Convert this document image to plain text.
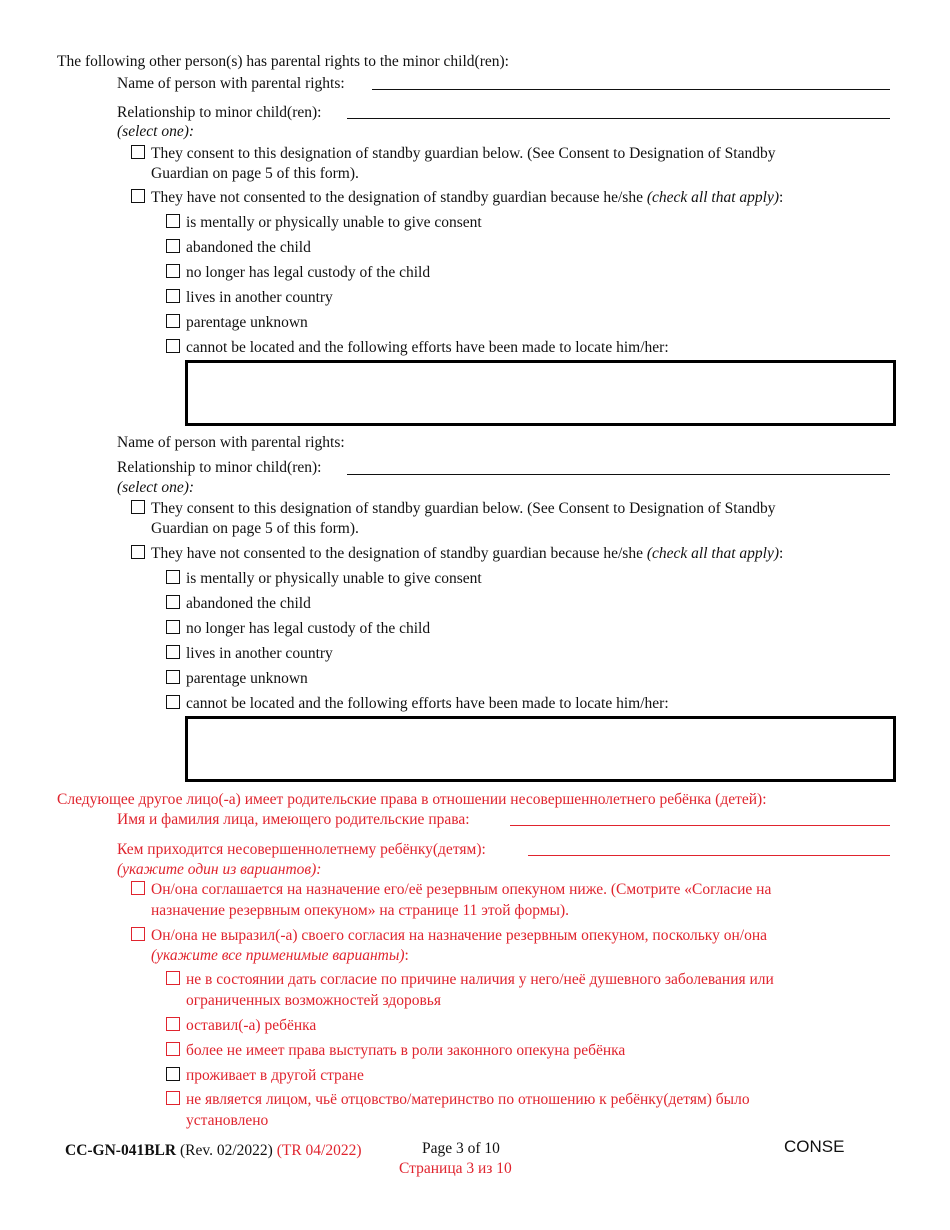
The following other person(s) has parental rights to the minor child(ren):
Name of person with parental rights:
Relationship to minor child(ren):
(select one):
They consent to this designation of standby guardian below. (See Consent to Designation of Standby
Guardian on page 5 of this form).
They have not consented to the designation of standby guardian because he/she (check all that apply):
is mentally or physically unable to give consent
abandoned the child
no longer has legal custody of the child
lives in another country
parentage unknown
cannot be located and the following efforts have been made to locate him/her:
Name of person with parental rights:
Relationship to minor child(ren):
(select one):
They consent to this designation of standby guardian below. (See Consent to Designation of Standby
Guardian on page 5 of this form).
They have not consented to the designation of standby guardian because he/she (check all that apply):
is mentally or physically unable to give consent
abandoned the child
no longer has legal custody of the child
lives in another country
parentage unknown
cannot be located and the following efforts have been made to locate him/her:
Следующее другое лицо(-а) имеет родительские права в отношении несовершеннолетнего ребёнка (детей):
Имя и фамилия лица, имеющего родительские права:
Кем приходится несовершеннолетнему ребёнку(детям):
(укажите один из вариантов):
Он/она соглашается на назначение его/её резервным опекуном ниже. (Смотрите «Согласие на
назначение резервным опекуном» на странице 11 этой формы).
Он/она не выразил(-а) своего согласия на назначение резервным опекуном, поскольку он/она
(укажите все применимые варианты):
не в состоянии дать согласие по причине наличия у него/неё душевного заболевания или
ограниченных возможностей здоровья
оставил(-а) ребёнка
более не имеет права выступать в роли законного опекуна ребёнка
проживает в другой стране
не является лицом, чьё отцовство/материнство по отношению к ребёнку(детям) было
установлено
CC-GN-041BLR (Rev. 02/2022) (TR 04/2022)	Page 3 of 10
Страница 3 из 10
CONSE
